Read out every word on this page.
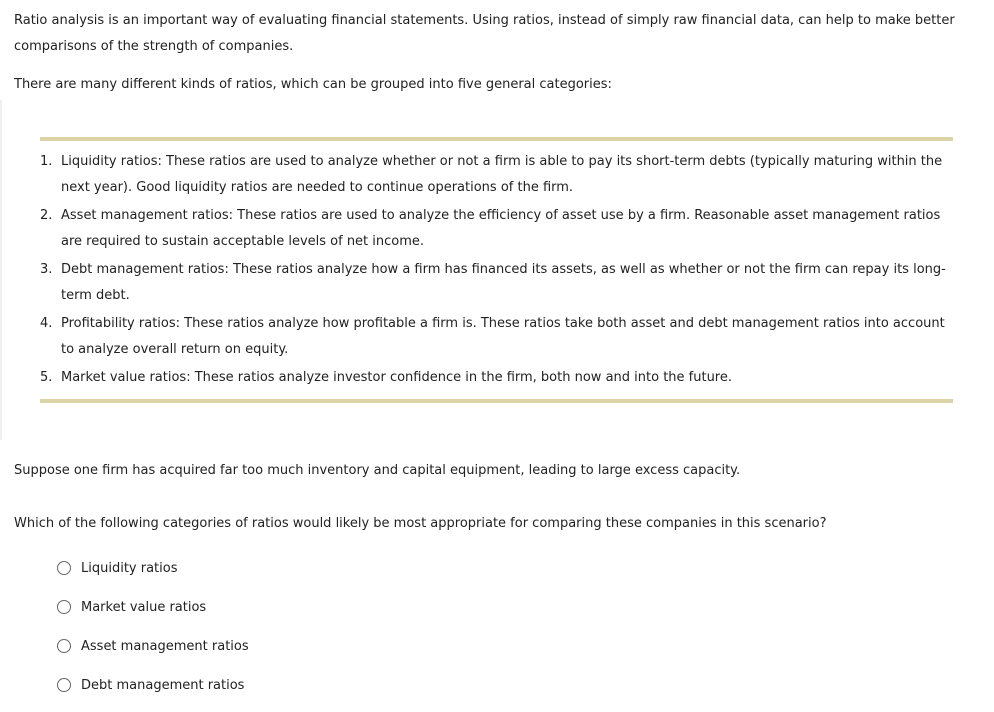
Ratio analysis is an important way of evaluating financial statements. Using ratios, instead of simply raw financial data, can help to make better comparisons of the strength of companies.

There are many different kinds of ratios, which can be grouped into five general categories:

1. Liquidity ratios: These ratios are used to analyze whether or not a firm is able to pay its short-term debts (typically maturing within the next year). Good liquidity ratios are needed to continue operations of the firm.
2. Asset management ratios: These ratios are used to analyze the efficiency of asset use by a firm. Reasonable asset management ratios are required to sustain acceptable levels of net income.
3. Debt management ratios: These ratios analyze how a firm has financed its assets, as well as whether or not the firm can repay its long-term debt.
4. Profitability ratios: These ratios analyze how profitable a firm is. These ratios take both asset and debt management ratios into account to analyze overall return on equity.
5. Market value ratios: These ratios analyze investor confidence in the firm, both now and into the future.

Suppose one firm has acquired far too much inventory and capital equipment, leading to large excess capacity.

Which of the following categories of ratios would likely be most appropriate for comparing these companies in this scenario?

Liquidity ratios
Market value ratios
Asset management ratios
Debt management ratios
